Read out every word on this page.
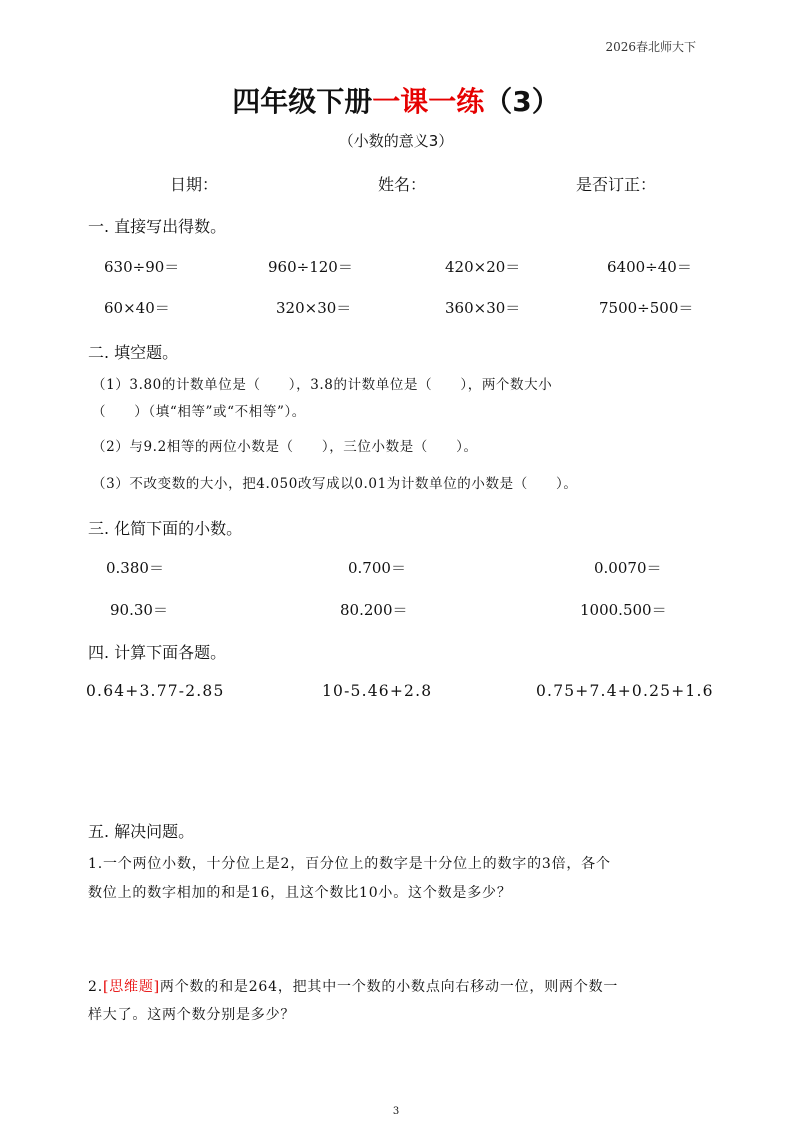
2026春北师大下
四年级下册一课一练（3）
（小数的意义3）
日期：	姓名：	是否订正：
一. 直接写出得数。
630÷90＝	960÷120＝	420×20＝	6400÷40＝
60×40＝	320×30＝	360×30＝	7500÷500＝
二. 填空题。
（1）3.80的计数单位是（　　），3.8的计数单位是（　　），两个数大小
（　　）（填“相等”或“不相等”）。
（2）与9.2相等的两位小数是（　　），三位小数是（　　）。
（3）不改变数的大小，把4.050改写成以0.01为计数单位的小数是（　　）。
三. 化简下面的小数。
0.380＝	0.700＝	0.0070＝
90.30＝	80.200＝	1000.500＝
四. 计算下面各题。
0.64+3.77-2.85	10-5.46+2.8	0.75+7.4+0.25+1.6
五. 解决问题。
1.一个两位小数，十分位上是2，百分位上的数字是十分位上的数字的3倍，各个
数位上的数字相加的和是16，且这个数比10小。这个数是多少？
2.[思维题]两个数的和是264，把其中一个数的小数点向右移动一位，则两个数一
样大了。这两个数分别是多少？
3
